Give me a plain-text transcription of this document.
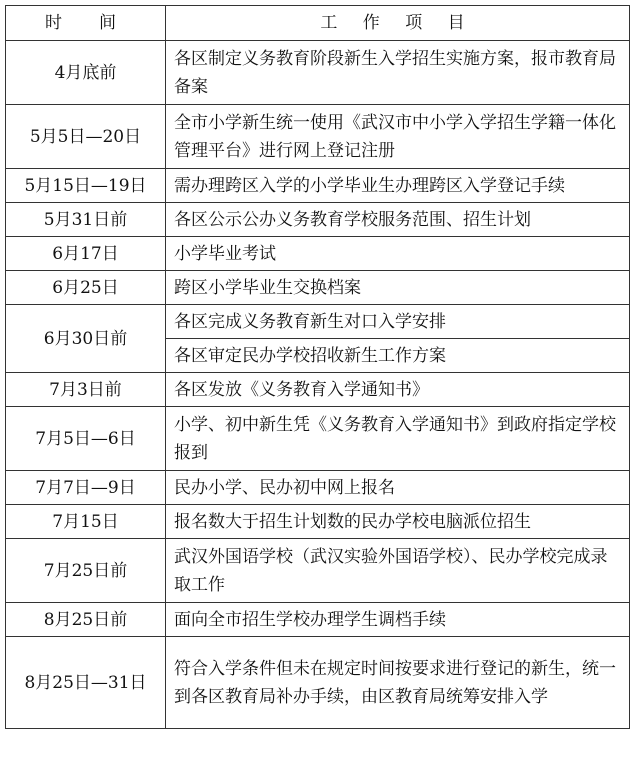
时　间	工 作 项 目
4月底前	各区制定义务教育阶段新生入学招生实施方案，报市教育局备案
5月5日—20日	全市小学新生统一使用《武汉市中小学入学招生学籍一体化管理平台》进行网上登记注册
5月15日—19日	需办理跨区入学的小学毕业生办理跨区入学登记手续
5月31日前	各区公示公办义务教育学校服务范围、招生计划
6月17日	小学毕业考试
6月25日	跨区小学毕业生交换档案
6月30日前	各区完成义务教育新生对口入学安排
	各区审定民办学校招收新生工作方案
7月3日前	各区发放《义务教育入学通知书》
7月5日—6日	小学、初中新生凭《义务教育入学通知书》到政府指定学校报到
7月7日—9日	民办小学、民办初中网上报名
7月15日	报名数大于招生计划数的民办学校电脑派位招生
7月25日前	武汉外国语学校（武汉实验外国语学校）、民办学校完成录取工作
8月25日前	面向全市招生学校办理学生调档手续
8月25日—31日	符合入学条件但未在规定时间按要求进行登记的新生，统一到各区教育局补办手续，由区教育局统筹安排入学
